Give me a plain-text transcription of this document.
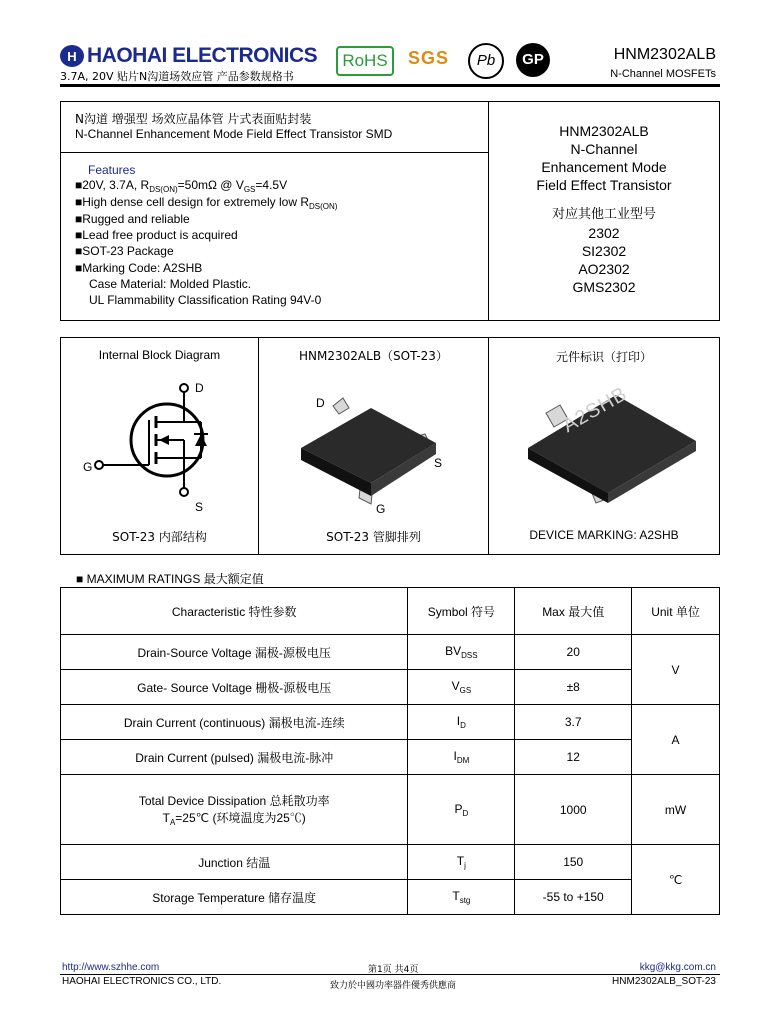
H HAOHAI ELECTRONICS
3.7A, 20V 贴片N沟道场效应管 产品参数规格书
RoHS	SGS	Pb	GP	HNM2302ALB
N-Channel MOSFETs
N沟道 增强型 场效应晶体管 片式表面贴封装
N-Channel Enhancement Mode Field Effect Transistor SMD
Features
■20V, 3.7A, $R_{DS(ON)}=50m\Omega$ @ $V_{GS}=4.5V$
■High dense cell design for extremely low $R_{DS(ON)}$
■Rugged and reliable
■Lead free product is acquired
■SOT-23 Package
■Marking Code: A2SHB
Case Material: Molded Plastic.
UL Flammability Classification Rating 94V-0
HNM2302ALB
N-Channel
Enhancement Mode
Field Effect Transistor
对应其他工业型号
2302
SI2302
AO2302
GMS2302
Internal Block Diagram
D
G
S
SOT-23 内部结构
HNM2302ALB（SOT-23）
D
S
G
SOT-23 管脚排列
元件标识（打印）
A2SHB
DEVICE MARKING: A2SHB
■ MAXIMUM RATINGS 最大额定值
Characteristic 特性参数	Symbol 符号	Max 最大值	Unit 单位
Drain-Source Voltage 漏极-源极电压	$BV_{DSS}$	20	V
Gate- Source Voltage 栅极-源极电压	$V_{GS}$	±8	
Drain Current (continuous) 漏极电流-连续	$I_D$	3.7	A
Drain Current (pulsed) 漏极电流-脉冲	$I_{DM}$	12	

Total Device Dissipation 总耗散功率
$T_A=25℃$ (环境温度为25℃)	$P_D$	1000	mW
Junction 结温	$T_j$	150	℃
Storage Temperature 储存温度	$T_{stg}$	-55 to +150	
http://www.szhhe.com	第1页 共4页	kkg@kkg.com.cn
HAOHAI ELECTRONICS CO., LTD.	致力於中國功率器件優秀供應商	HNM2302ALB_SOT-23
